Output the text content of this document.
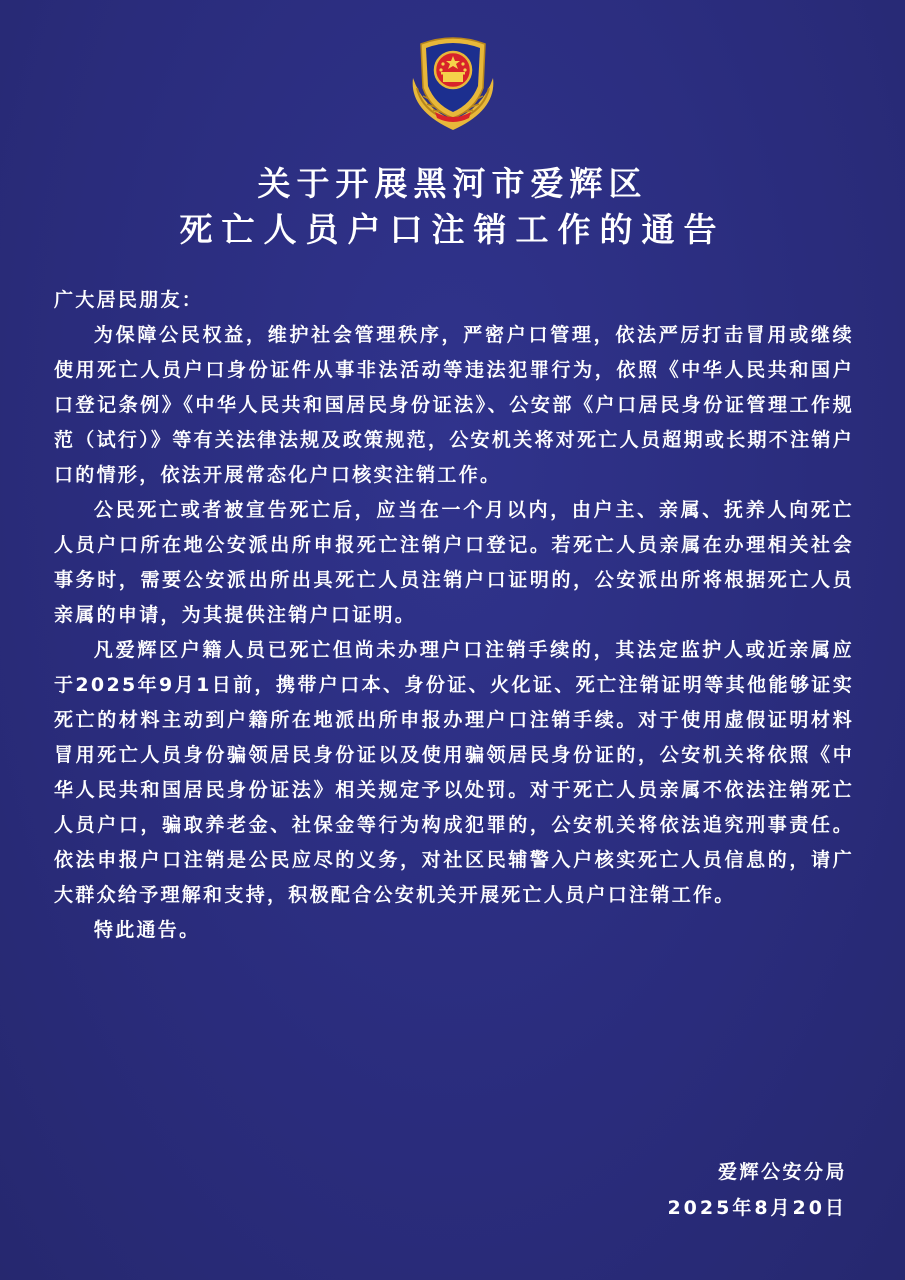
关于开展黑河市爱辉区
死亡人员户口注销工作的通告

广大居民朋友：

为保障公民权益，维护社会管理秩序，严密户口管理，依法严厉打击冒用或继续使用死亡人员户口身份证件从事非法活动等违法犯罪行为，依照《中华人民共和国户口登记条例》《中华人民共和国居民身份证法》、公安部《户口居民身份证管理工作规范（试行）》等有关法律法规及政策规范，公安机关将对死亡人员超期或长期不注销户口的情形，依法开展常态化户口核实注销工作。

公民死亡或者被宣告死亡后，应当在一个月以内，由户主、亲属、抚养人向死亡人员户口所在地公安派出所申报死亡注销户口登记。若死亡人员亲属在办理相关社会事务时，需要公安派出所出具死亡人员注销户口证明的，公安派出所将根据死亡人员亲属的申请，为其提供注销户口证明。

凡爱辉区户籍人员已死亡但尚未办理户口注销手续的，其法定监护人或近亲属应于2025年9月1日前，携带户口本、身份证、火化证、死亡注销证明等其他能够证实死亡的材料主动到户籍所在地派出所申报办理户口注销手续。对于使用虚假证明材料冒用死亡人员身份骗领居民身份证以及使用骗领居民身份证的，公安机关将依照《中华人民共和国居民身份证法》相关规定予以处罚。对于死亡人员亲属不依法注销死亡人员户口，骗取养老金、社保金等行为构成犯罪的，公安机关将依法追究刑事责任。依法申报户口注销是公民应尽的义务，对社区民辅警入户核实死亡人员信息的，请广大群众给予理解和支持，积极配合公安机关开展死亡人员户口注销工作。

特此通告。

爱辉公安分局
2025年8月20日
